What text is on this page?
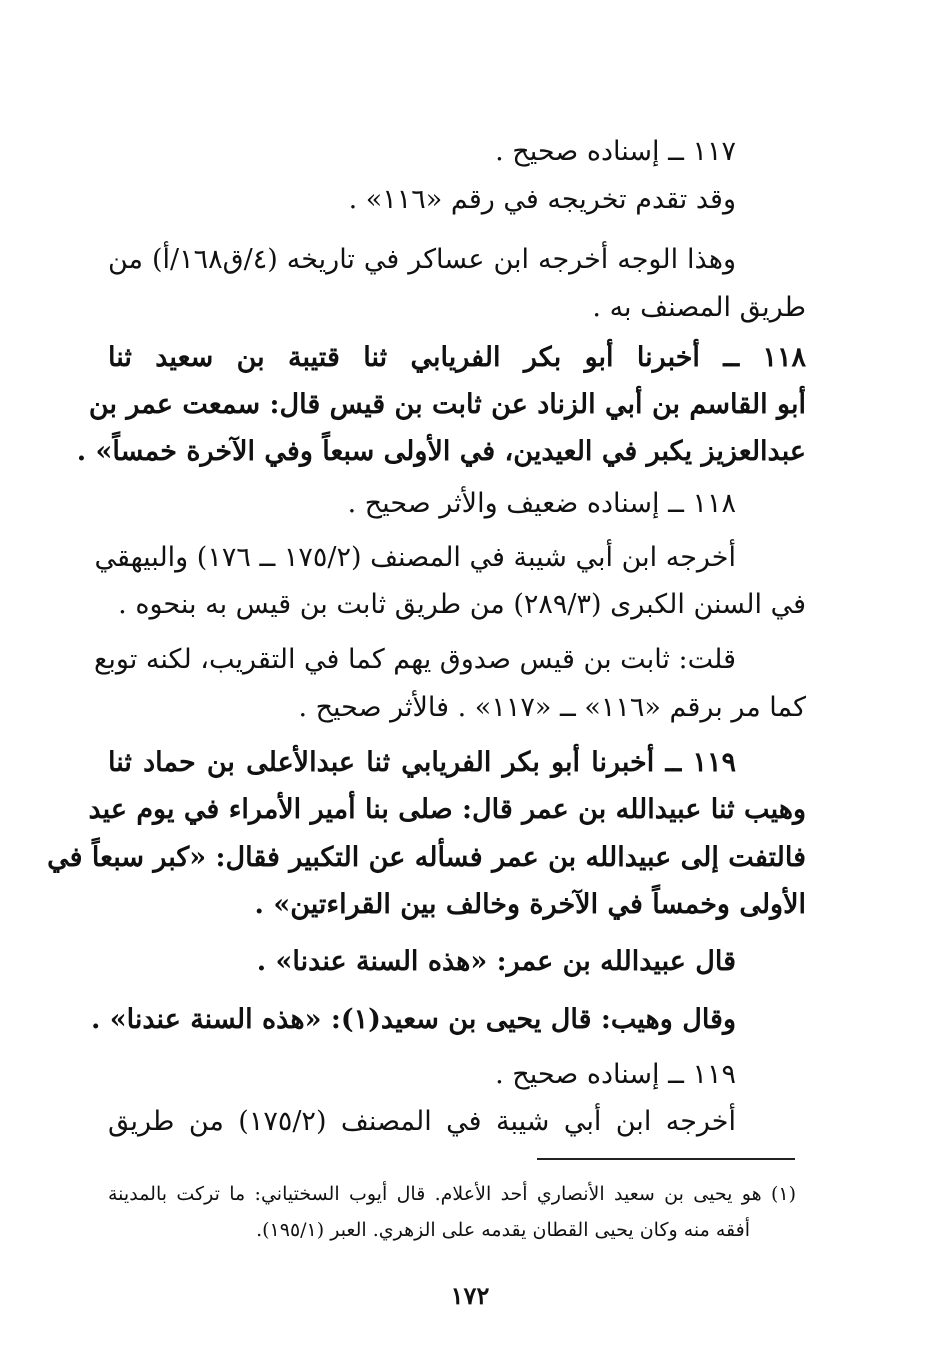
١١٧ ــ إسناده صحيح .
وقد تقدم تخريجه في رقم «١١٦» .
وهذا الوجه أخرجه ابن عساكر في تاريخه (٤/ق١٦٨/أ) من
طريق المصنف به .
١١٨ ــ أخبرنا أبو بكر الفريابي ثنا قتيبة بن سعيد ثنا
أبو القاسم بن أبي الزناد عن ثابت بن قيس قال: سمعت عمر بن
عبدالعزيز يكبر في العيدين، في الأولى سبعاً وفي الآخرة خمساً» .
١١٨ ــ إسناده ضعيف والأثر صحيح .
أخرجه ابن أبي شيبة في المصنف (١٧٥/٢ ــ ١٧٦) والبيهقي
في السنن الكبرى (٢٨٩/٣) من طريق ثابت بن قيس به بنحوه .
قلت: ثابت بن قيس صدوق يهم كما في التقريب، لكنه توبع
كما مر برقم «١١٦» ــ «١١٧» . فالأثر صحيح .
١١٩ ــ أخبرنا أبو بكر الفريابي ثنا عبدالأعلى بن حماد ثنا
وهيب ثنا عبيدالله بن عمر قال: صلى بنا أمير الأمراء في يوم عيد
فالتفت إلى عبيدالله بن عمر فسأله عن التكبير فقال: «كبر سبعاً في
الأولى وخمساً في الآخرة وخالف بين القراءتين» .
قال عبيدالله بن عمر: «هذه السنة عندنا» .
وقال وهيب: قال يحيى بن سعيد(١): «هذه السنة عندنا» .
١١٩ ــ إسناده صحيح .
أخرجه ابن أبي شيبة في المصنف (١٧٥/٢) من طريق
(١) هو يحيى بن سعيد الأنصاري أحد الأعلام. قال أيوب السختياني: ما تركت بالمدينة
أفقه منه وكان يحيى القطان يقدمه على الزهري. العبر (١٩٥/١).
١٧٢
